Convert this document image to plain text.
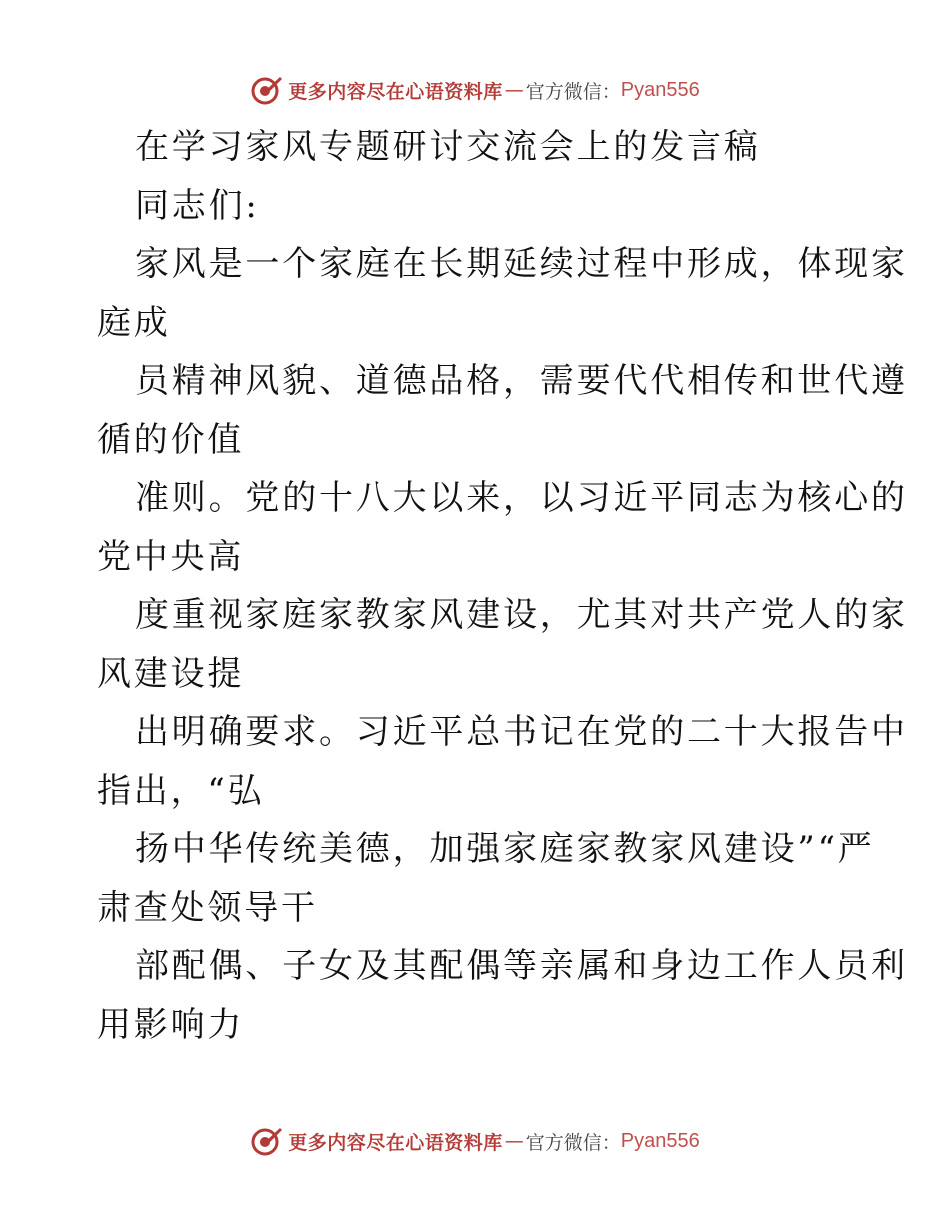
更多内容尽在心语资料库 — 官方微信： Pyan556
在学习家风专题研讨交流会上的发言稿
同志们:
家风是一个家庭在长期延续过程中形成，体现家
庭成
员精神风貌、道德品格，需要代代相传和世代遵
循的价值
准则。党的十八大以来，以习近平同志为核心的
党中央高
度重视家庭家教家风建设，尤其对共产党人的家
风建设提
出明确要求。习近平总书记在党的二十大报告中
指出，“弘
扬中华传统美德，加强家庭家教家风建设”“严
肃查处领导干
部配偶、子女及其配偶等亲属和身边工作人员利
用影响力
更多内容尽在心语资料库 — 官方微信： Pyan556
